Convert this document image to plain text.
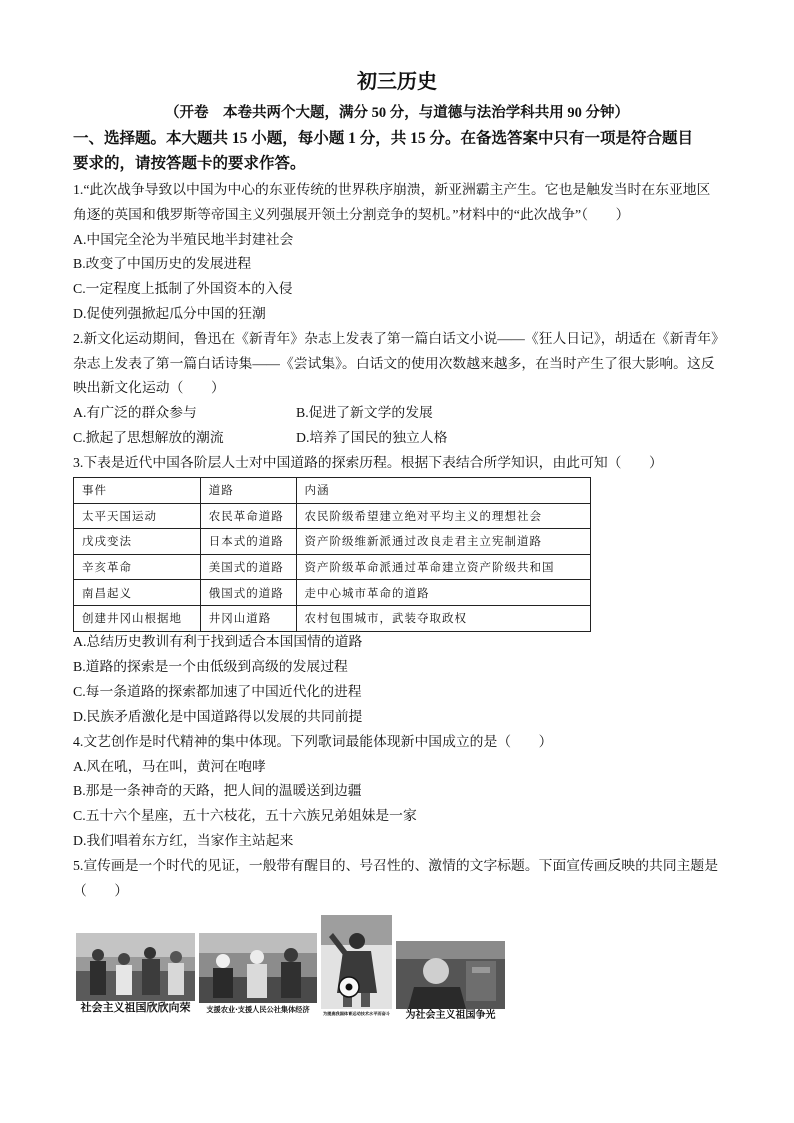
初三历史
（开卷　本卷共两个大题，满分 50 分，与道德与法治学科共用 90 分钟）
一、选择题。本大题共 15 小题，每小题 1 分，共 15 分。在备选答案中只有一项是符合题目
要求的，请按答题卡的要求作答。
1.“此次战争导致以中国为中心的东亚传统的世界秩序崩溃，新亚洲霸主产生。它也是触发当时在东亚地区
角逐的英国和俄罗斯等帝国主义列强展开领土分割竞争的契机。”材料中的“此次战争”（　　）
A.中国完全沦为半殖民地半封建社会
B.改变了中国历史的发展进程
C.一定程度上抵制了外国资本的入侵
D.促使列强掀起瓜分中国的狂潮
2.新文化运动期间，鲁迅在《新青年》杂志上发表了第一篇白话文小说——《狂人日记》，胡适在《新青年》
杂志上发表了第一篇白话诗集——《尝试集》。白话文的使用次数越来越多，在当时产生了很大影响。这反
映出新文化运动（　　）
A.有广泛的群众参与	B.促进了新文学的发展
C.掀起了思想解放的潮流	D.培养了国民的独立人格
3.下表是近代中国各阶层人士对中国道路的探索历程。根据下表结合所学知识，由此可知（　　）
事件	道路	内涵
太平天国运动	农民革命道路	农民阶级希望建立绝对平均主义的理想社会
戊戌变法	日本式的道路	资产阶级维新派通过改良走君主立宪制道路
辛亥革命	美国式的道路	资产阶级革命派通过革命建立资产阶级共和国
南昌起义	俄国式的道路	走中心城市革命的道路
创建井冈山根据地	井冈山道路	农村包围城市，武装夺取政权
A.总结历史教训有利于找到适合本国国情的道路
B.道路的探索是一个由低级到高级的发展过程
C.每一条道路的探索都加速了中国近代化的进程
D.民族矛盾激化是中国道路得以发展的共同前提
4.文艺创作是时代精神的集中体现。下列歌词最能体现新中国成立的是（　　）
A.风在吼，马在叫，黄河在咆哮
B.那是一条神奇的天路，把人间的温暖送到边疆
C.五十六个星座，五十六枝花，五十六族兄弟姐妹是一家
D.我们唱着东方红，当家作主站起来
5.宣传画是一个时代的见证，一般带有醒目的、号召性的、激情的文字标题。下面宣传画反映的共同主题是
（　　）
社会主义祖国欣欣向荣	支援农业·支援人民公社集体经济	为提高我国体育运动技术水平而奋斗	为社会主义祖国争光
